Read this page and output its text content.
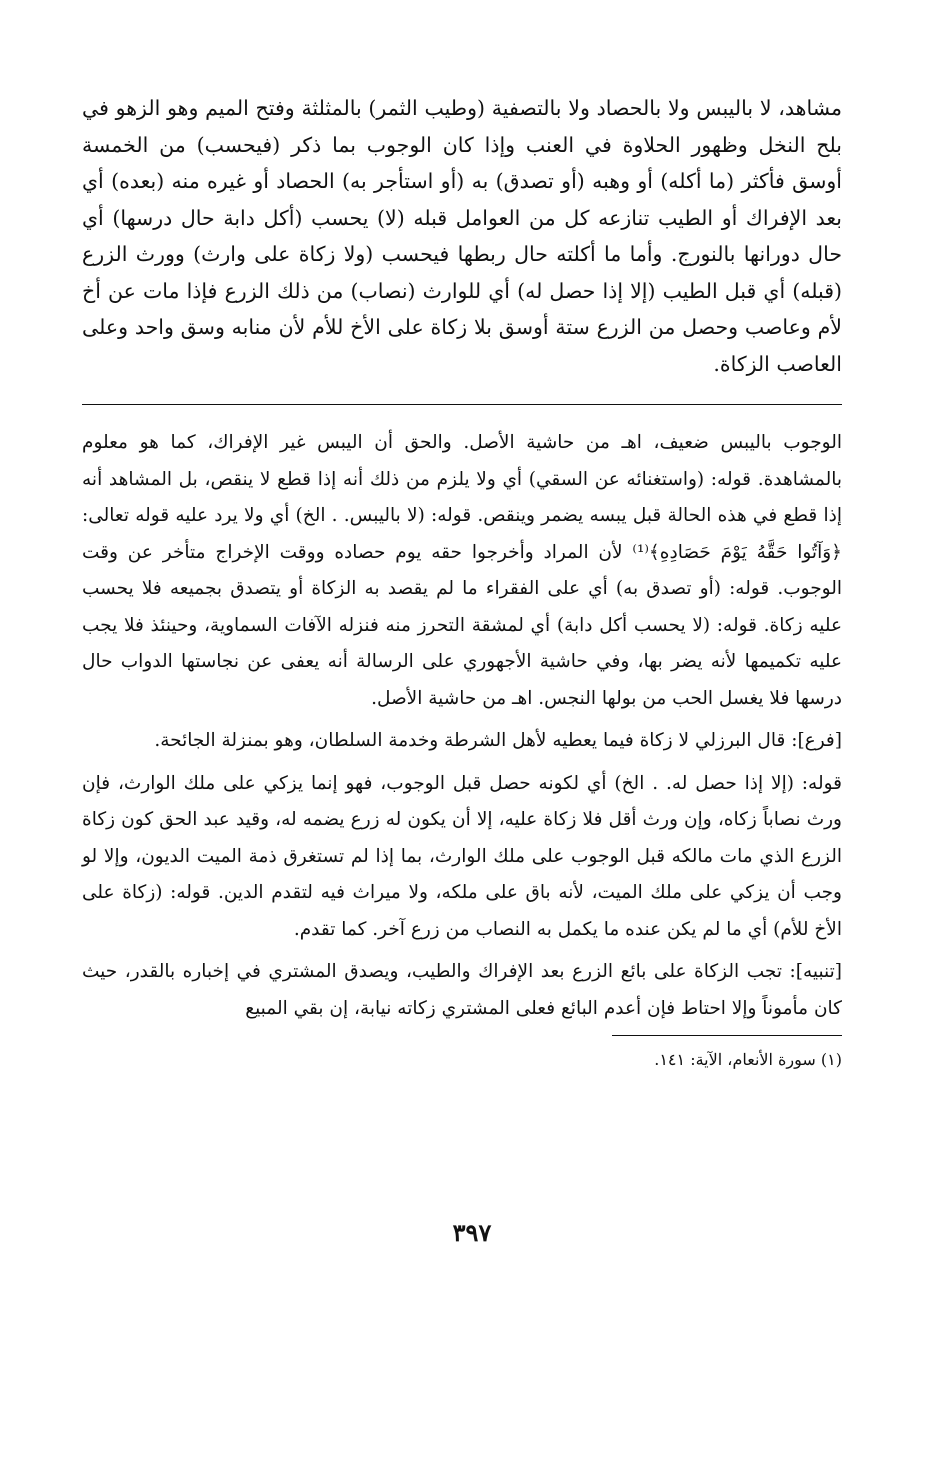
مشاهد، لا باليبس ولا بالحصاد ولا بالتصفية (وطيب الثمر) بالمثلثة وفتح الميم وهو الزهو في بلح النخل وظهور الحلاوة في العنب وإذا كان الوجوب بما ذكر (فيحسب) من الخمسة أوسق فأكثر (ما أكله) أو وهبه (أو تصدق) به (أو استأجر به) الحصاد أو غيره منه (بعده) أي بعد الإفراك أو الطيب تنازعه كل من العوامل قبله (لا) يحسب (أكل دابة حال درسها) أي حال دورانها بالنورج. وأما ما أكلته حال ربطها فيحسب (ولا زكاة على وارث) وورث الزرع (قبله) أي قبل الطيب (إلا إذا حصل له) أي للوارث (نصاب) من ذلك الزرع فإذا مات عن أخ لأم وعاصب وحصل من الزرع ستة أوسق بلا زكاة على الأخ للأم لأن منابه وسق واحد وعلى العاصب الزكاة.

الوجوب باليبس ضعيف، اهـ من حاشية الأصل. والحق أن اليبس غير الإفراك، كما هو معلوم بالمشاهدة. قوله: (واستغنائه عن السقي) أي ولا يلزم من ذلك أنه إذا قطع لا ينقص، بل المشاهد أنه إذا قطع في هذه الحالة قبل يبسه يضمر وينقص. قوله: (لا باليبس. . الخ) أي ولا يرد عليه قوله تعالى: ﴿وَآتُوا حَقَّهُ يَوْمَ حَصَادِهِ﴾⁽¹⁾ لأن المراد وأخرجوا حقه يوم حصاده ووقت الإخراج متأخر عن وقت الوجوب. قوله: (أو تصدق به) أي على الفقراء ما لم يقصد به الزكاة أو يتصدق بجميعه فلا يحسب عليه زكاة. قوله: (لا يحسب أكل دابة) أي لمشقة التحرز منه فنزله الآفات السماوية، وحينئذ فلا يجب عليه تكميمها لأنه يضر بها، وفي حاشية الأجهوري على الرسالة أنه يعفى عن نجاستها الدواب حال درسها فلا يغسل الحب من بولها النجس. اهـ من حاشية الأصل.

[فرع]: قال البرزلي لا زكاة فيما يعطيه لأهل الشرطة وخدمة السلطان، وهو بمنزلة الجائحة.

قوله: (إلا إذا حصل له. . الخ) أي لكونه حصل قبل الوجوب، فهو إنما يزكي على ملك الوارث، فإن ورث نصاباً زكاه، وإن ورث أقل فلا زكاة عليه، إلا أن يكون له زرع يضمه له، وقيد عبد الحق كون زكاة الزرع الذي مات مالكه قبل الوجوب على ملك الوارث، بما إذا لم تستغرق ذمة الميت الديون، وإلا لو وجب أن يزكي على ملك الميت، لأنه باق على ملكه، ولا ميراث فيه لتقدم الدين. قوله: (زكاة على الأخ للأم) أي ما لم يكن عنده ما يكمل به النصاب من زرع آخر. كما تقدم.

[تنبيه]: تجب الزكاة على بائع الزرع بعد الإفراك والطيب، ويصدق المشتري في إخباره بالقدر، حيث كان مأموناً وإلا احتاط فإن أعدم البائع فعلى المشتري زكاته نيابة، إن بقي المبيع

(١) سورة الأنعام، الآية: ١٤١.
٣٩٧
